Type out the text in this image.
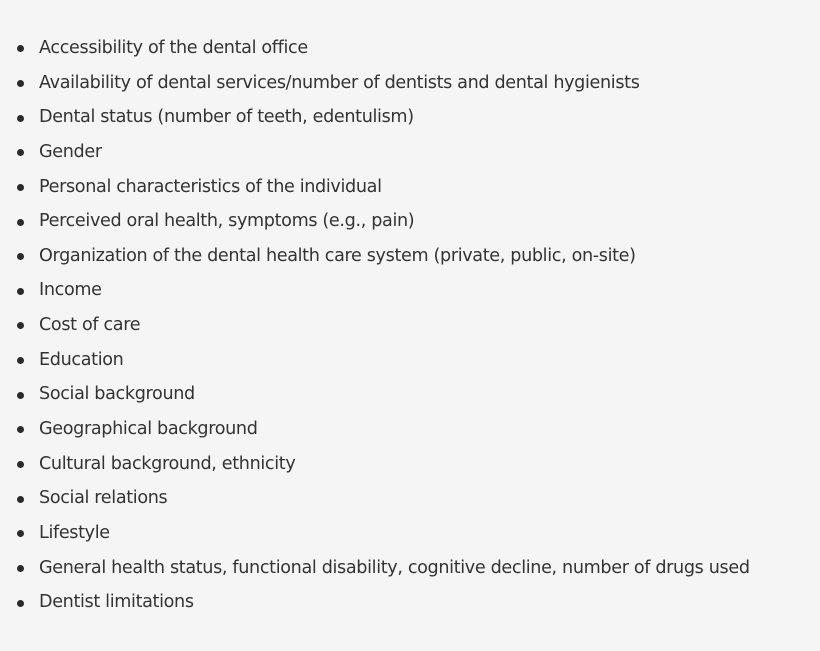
Accessibility of the dental office
Availability of dental services/number of dentists and dental hygienists
Dental status (number of teeth, edentulism)
Gender
Personal characteristics of the individual
Perceived oral health, symptoms (e.g., pain)
Organization of the dental health care system (private, public, on-site)
Income
Cost of care
Education
Social background
Geographical background
Cultural background, ethnicity
Social relations
Lifestyle
General health status, functional disability, cognitive decline, number of drugs used
Dentist limitations
